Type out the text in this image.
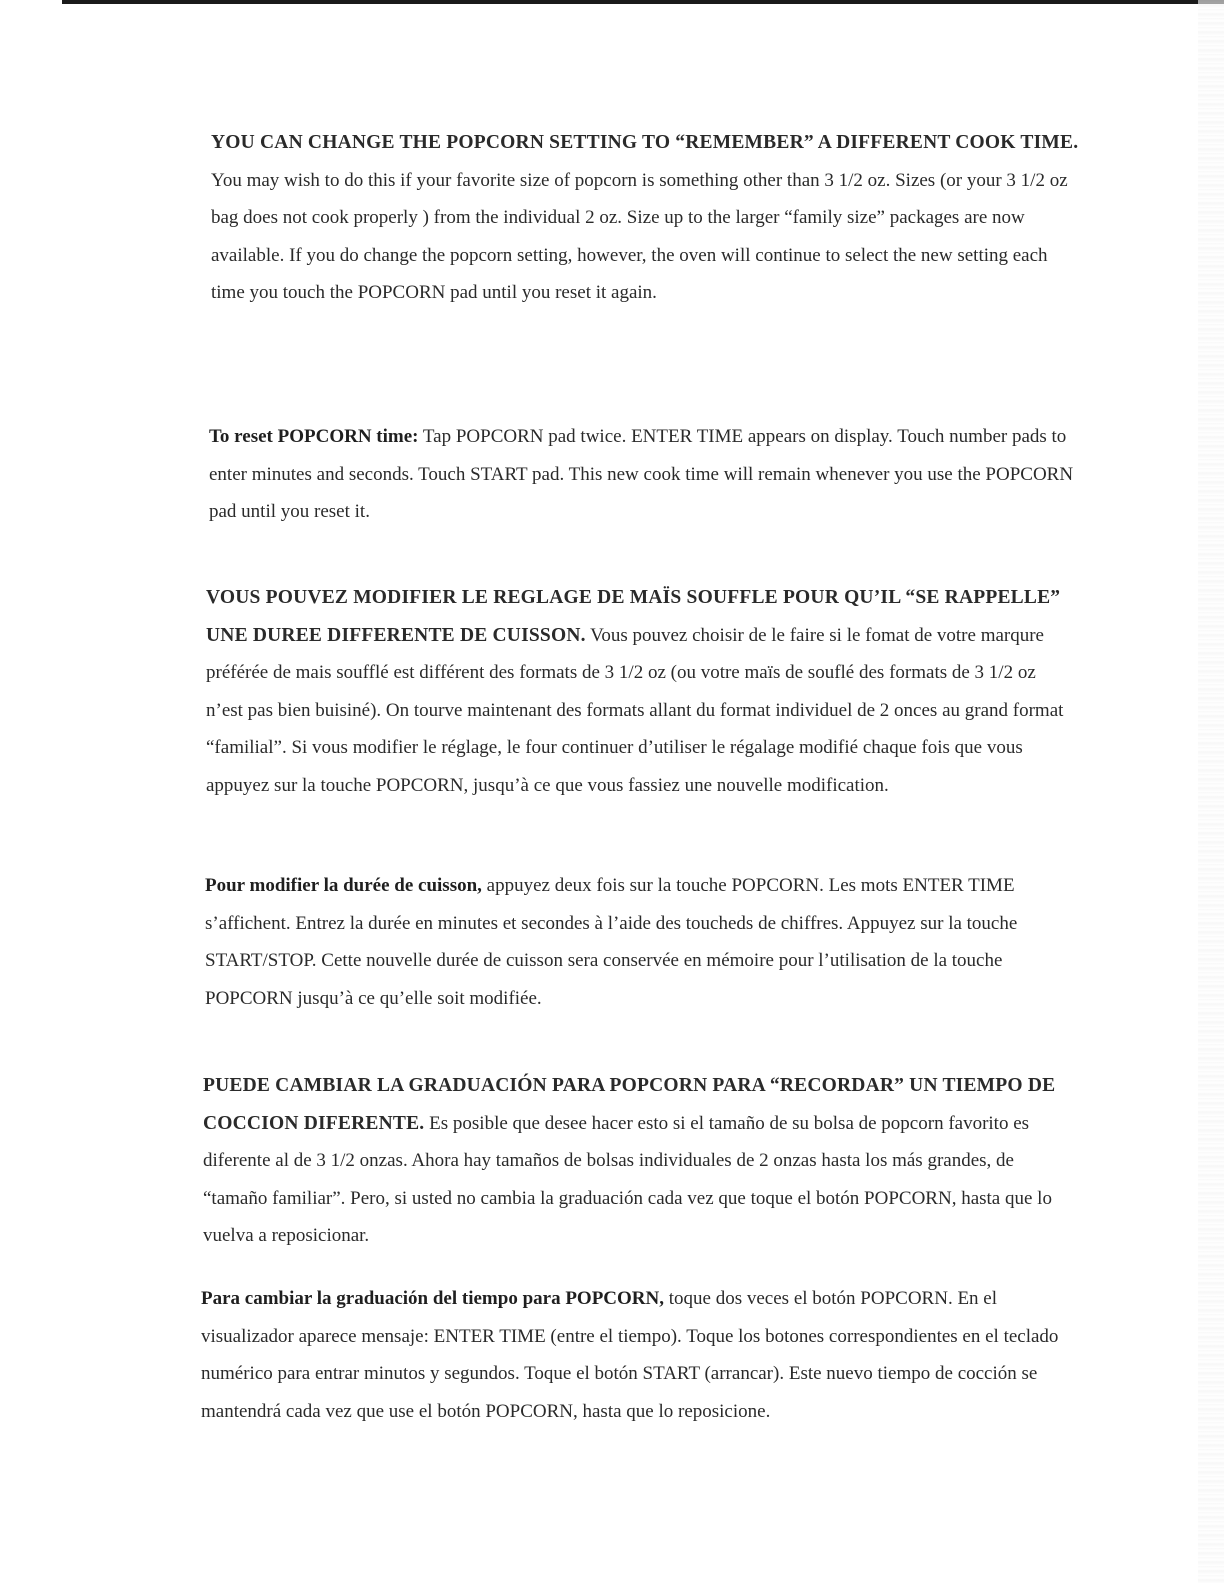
YOU CAN CHANGE THE POPCORN SETTING TO “REMEMBER” A DIFFERENT COOK TIME.

You may wish to do this if your favorite size of popcorn is something other than 3 1/2 oz. Sizes (or your 3 1/2 oz bag does not cook properly ) from the individual 2 oz. Size up to the larger “family size” packages are now available. If you do change the popcorn setting, however, the oven will continue to select the new setting each time you touch the POPCORN pad until you reset it again.

To reset POPCORN time: Tap POPCORN pad twice. ENTER TIME appears on display. Touch number pads to enter minutes and seconds. Touch START pad. This new cook time will remain whenever you use the POPCORN pad until you reset it.

VOUS POUVEZ MODIFIER LE REGLAGE DE MAÏS SOUFFLE POUR QU’IL “SE RAPPELLE” UNE DUREE DIFFERENTE DE CUISSON. Vous pouvez choisir de le faire si le fomat de votre marqure préférée de mais soufflé est différent des formats de 3 1/2 oz (ou votre maïs de souflé des formats de 3 1/2 oz n’est pas bien buisiné). On tourve maintenant des formats allant du format individuel de 2 onces au grand format “familial”. Si vous modifier le réglage, le four continuer d’utiliser le régalage modifié chaque fois que vous appuyez sur la touche POPCORN, jusqu’à ce que vous fassiez une nouvelle modification.

Pour modifier la durée de cuisson, appuyez deux fois sur la touche POPCORN. Les mots ENTER TIME s’affichent. Entrez la durée en minutes et secondes à l’aide des toucheds de chiffres. Appuyez sur la touche START/STOP. Cette nouvelle durée de cuisson sera conservée en mémoire pour l’utilisation de la touche POPCORN jusqu’à ce qu’elle soit modifiée.

PUEDE CAMBIAR LA GRADUACIÓN PARA POPCORN PARA “RECORDAR” UN TIEMPO DE COCCION DIFERENTE. Es posible que desee hacer esto si el tamaño de su bolsa de popcorn favorito es diferente al de 3 1/2 onzas. Ahora hay tamaños de bolsas individuales de 2 onzas hasta los más grandes, de “tamaño familiar”. Pero, si usted no cambia la graduación cada vez que toque el botón POPCORN, hasta que lo vuelva a reposicionar.

Para cambiar la graduación del tiempo para POPCORN, toque dos veces el botón POPCORN. En el visualizador aparece mensaje: ENTER TIME (entre el tiempo). Toque los botones correspondientes en el teclado numérico para entrar minutos y segundos. Toque el botón START (arrancar). Este nuevo tiempo de cocción se mantendrá cada vez que use el botón POPCORN, hasta que lo reposicione.
